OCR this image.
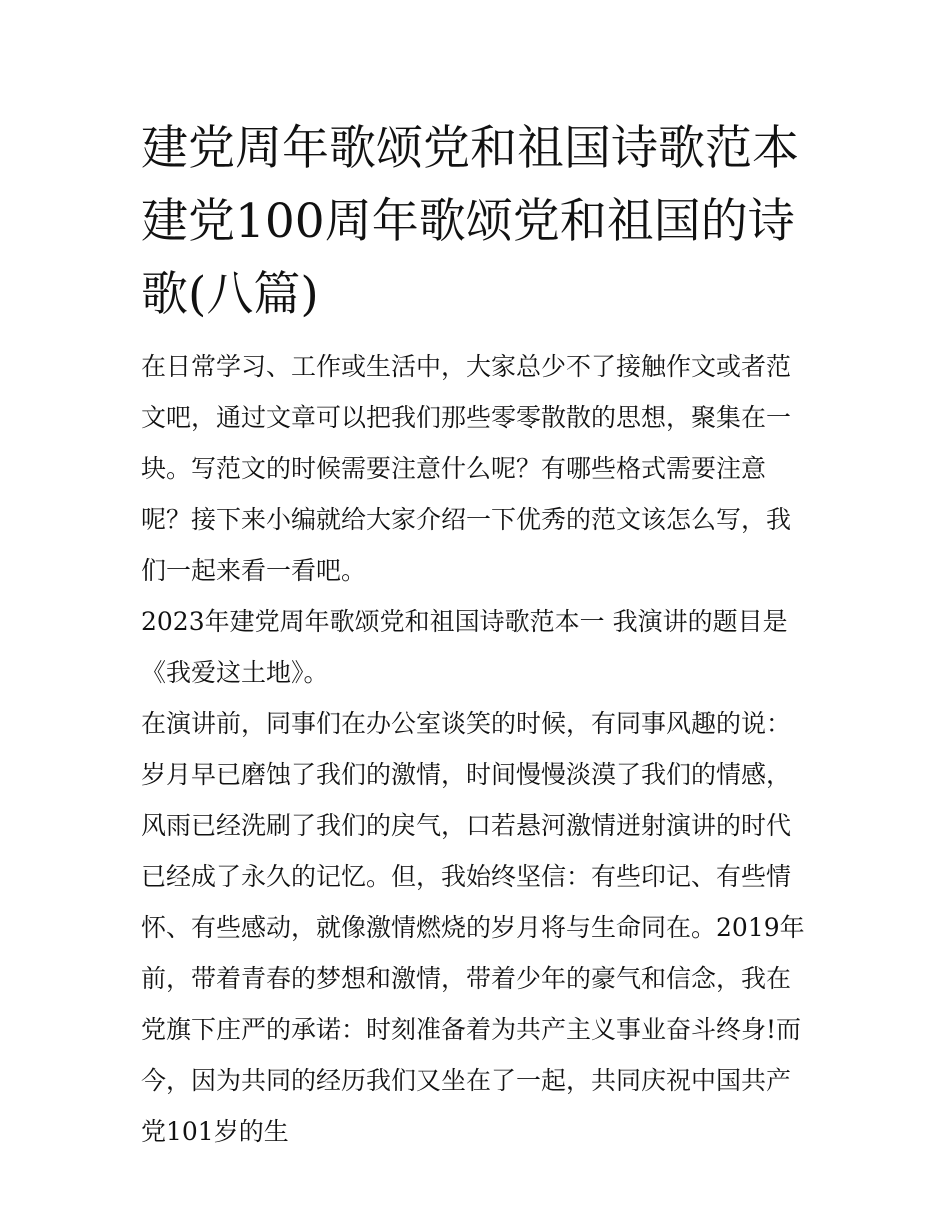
建党周年歌颂党和祖国诗歌范本 建党100周年歌颂党和祖国的诗歌(八篇)

在日常学习、工作或生活中，大家总少不了接触作文或者范文吧，通过文章可以把我们那些零零散散的思想，聚集在一块。写范文的时候需要注意什么呢？有哪些格式需要注意呢？接下来小编就给大家介绍一下优秀的范文该怎么写，我们一起来看一看吧。

2023年建党周年歌颂党和祖国诗歌范本一 我演讲的题目是《我爱这土地》。

在演讲前，同事们在办公室谈笑的时候，有同事风趣的说：岁月早已磨蚀了我们的激情，时间慢慢淡漠了我们的情感，风雨已经洗刷了我们的戾气，口若悬河激情迸射演讲的时代已经成了永久的记忆。但，我始终坚信：有些印记、有些情怀、有些感动，就像激情燃烧的岁月将与生命同在。2019年前，带着青春的梦想和激情，带着少年的豪气和信念，我在党旗下庄严的承诺：时刻准备着为共产主义事业奋斗终身!而今，因为共同的经历我们又坐在了一起，共同庆祝中国共产党101岁的生
